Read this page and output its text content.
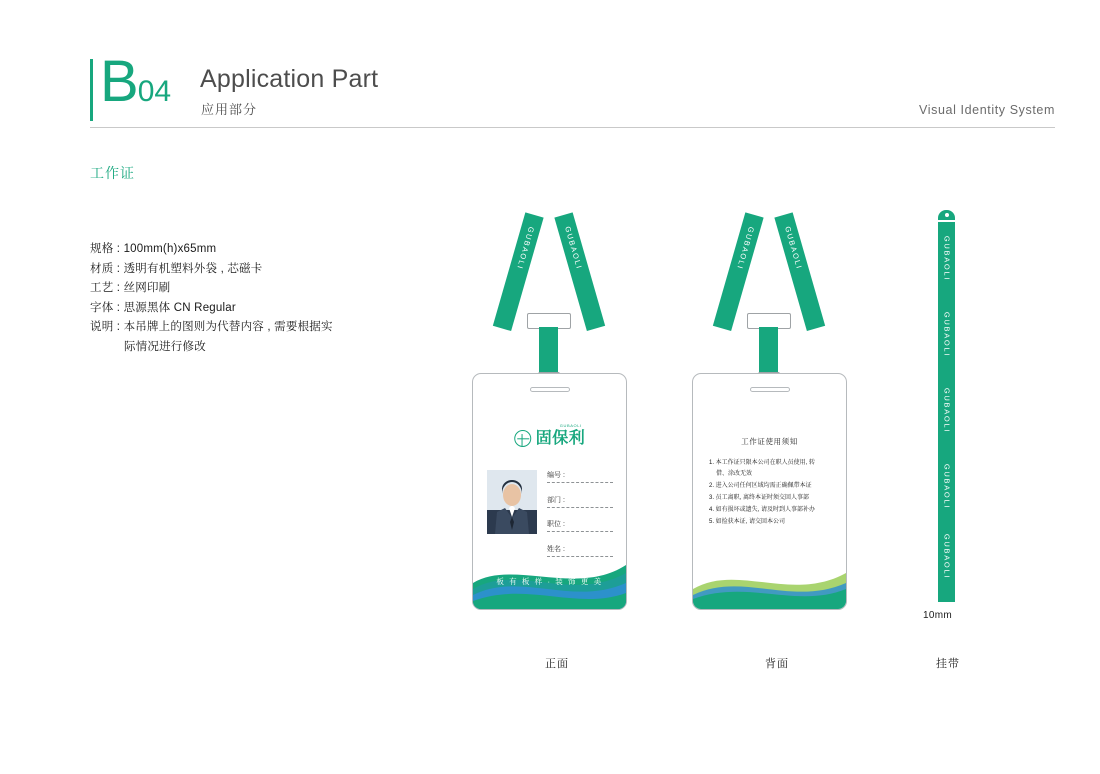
B04 Application Part
应用部分	Visual Identity System
工作证
规格 : 100mm(h)x65mm
材质 : 透明有机塑料外袋 , 芯磁卡
工艺 : 丝网印刷
字体 : 思源黑体 CN Regular
说明 : 本吊牌上的图则为代替内容 , 需要根据实
际情况进行修改
GUBAOLI	GUBAOLI
GUBAOLI
固保利
编号 :
部门 :
职位 :
姓名 :
板 有 板 样 · 装 饰 更 美
GUBAOLI	GUBAOLI
工作证使用须知
1. 本工作证只限本公司在职人员使用, 转
借、涂改无效
2. 进入公司任何区域均需正确佩带本证
3. 员工离职, 离终本证时须交回人事部
4. 如有损坏或遗失, 请及时到人事部补办
5. 如捡获本证, 请交回本公司
GUBAOLI
GUBAOLI
GUBAOLI
GUBAOLI
GUBAOLI
10mm
正面	背面	挂带
